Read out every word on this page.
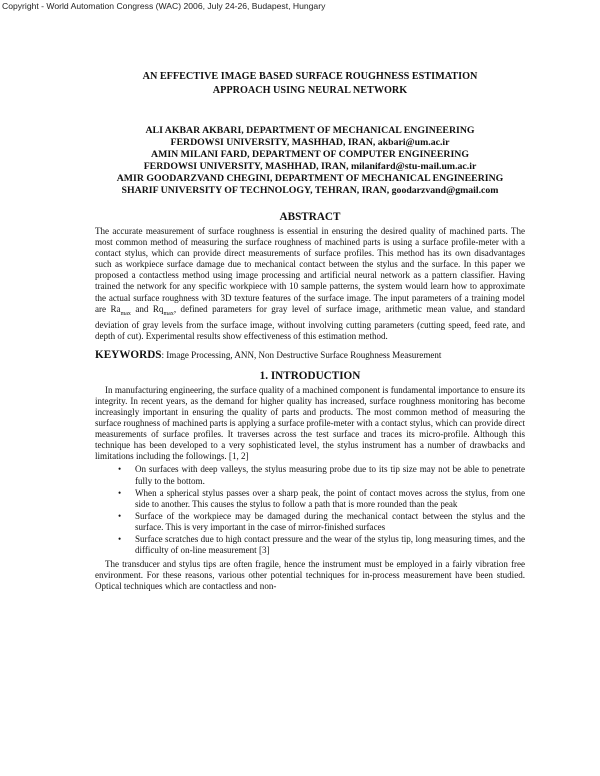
Copyright - World Automation Congress (WAC) 2006, July 24-26, Budapest, Hungary
AN EFFECTIVE IMAGE BASED SURFACE ROUGHNESS ESTIMATION
APPROACH USING NEURAL NETWORK
ALI AKBAR AKBARI, DEPARTMENT OF MECHANICAL ENGINEERING
FERDOWSI UNIVERSITY, MASHHAD, IRAN, akbari@um.ac.ir
AMIN MILANI FARD, DEPARTMENT OF COMPUTER ENGINEERING
FERDOWSI UNIVERSITY, MASHHAD, IRAN, milanifard@stu-mail.um.ac.ir
AMIR GOODARZVAND CHEGINI, DEPARTMENT OF MECHANICAL ENGINEERING
SHARIF UNIVERSITY OF TECHNOLOGY, TEHRAN, IRAN, goodarzvand@gmail.com
ABSTRACT

The accurate measurement of surface roughness is essential in ensuring the desired quality of machined parts. The most common method of measuring the surface roughness of machined parts is using a surface profile-meter with a contact stylus, which can provide direct measurements of surface profiles. This method has its own disadvantages such as workpiece surface damage due to mechanical contact between the stylus and the surface. In this paper we proposed a contactless method using image processing and artificial neural network as a pattern classifier. Having trained the network for any specific workpiece with 10 sample patterns, the system would learn how to approximate the actual surface roughness with 3D texture features of the surface image. The input parameters of a training model are $Ra_{max}$ and $Rq_{max}$, defined parameters for gray level of surface image, arithmetic mean value, and standard deviation of gray levels from the surface image, without involving cutting parameters (cutting speed, feed rate, and depth of cut). Experimental results show effectiveness of this estimation method.

KEYWORDS: Image Processing, ANN, Non Destructive Surface Roughness Measurement
1. INTRODUCTION

In manufacturing engineering, the surface quality of a machined component is fundamental importance to ensure its integrity. In recent years, as the demand for higher quality has increased, surface roughness monitoring has become increasingly important in ensuring the quality of parts and products. The most common method of measuring the surface roughness of machined parts is applying a surface profile-meter with a contact stylus, which can provide direct measurements of surface profiles. It traverses across the test surface and traces its micro-profile. Although this technique has been developed to a very sophisticated level, the stylus instrument has a number of drawbacks and limitations including the followings. [1, 2]

• On surfaces with deep valleys, the stylus measuring probe due to its tip size may not be able to penetrate fully to the bottom.
• When a spherical stylus passes over a sharp peak, the point of contact moves across the stylus, from one side to another. This causes the stylus to follow a path that is more rounded than the peak
• Surface of the workpiece may be damaged during the mechanical contact between the stylus and the surface. This is very important in the case of mirror-finished surfaces
• Surface scratches due to high contact pressure and the wear of the stylus tip, long measuring times, and the difficulty of on-line measurement [3]

The transducer and stylus tips are often fragile, hence the instrument must be employed in a fairly vibration free environment. For these reasons, various other potential techniques for in-process measurement have been studied. Optical techniques which are contactless and non-
